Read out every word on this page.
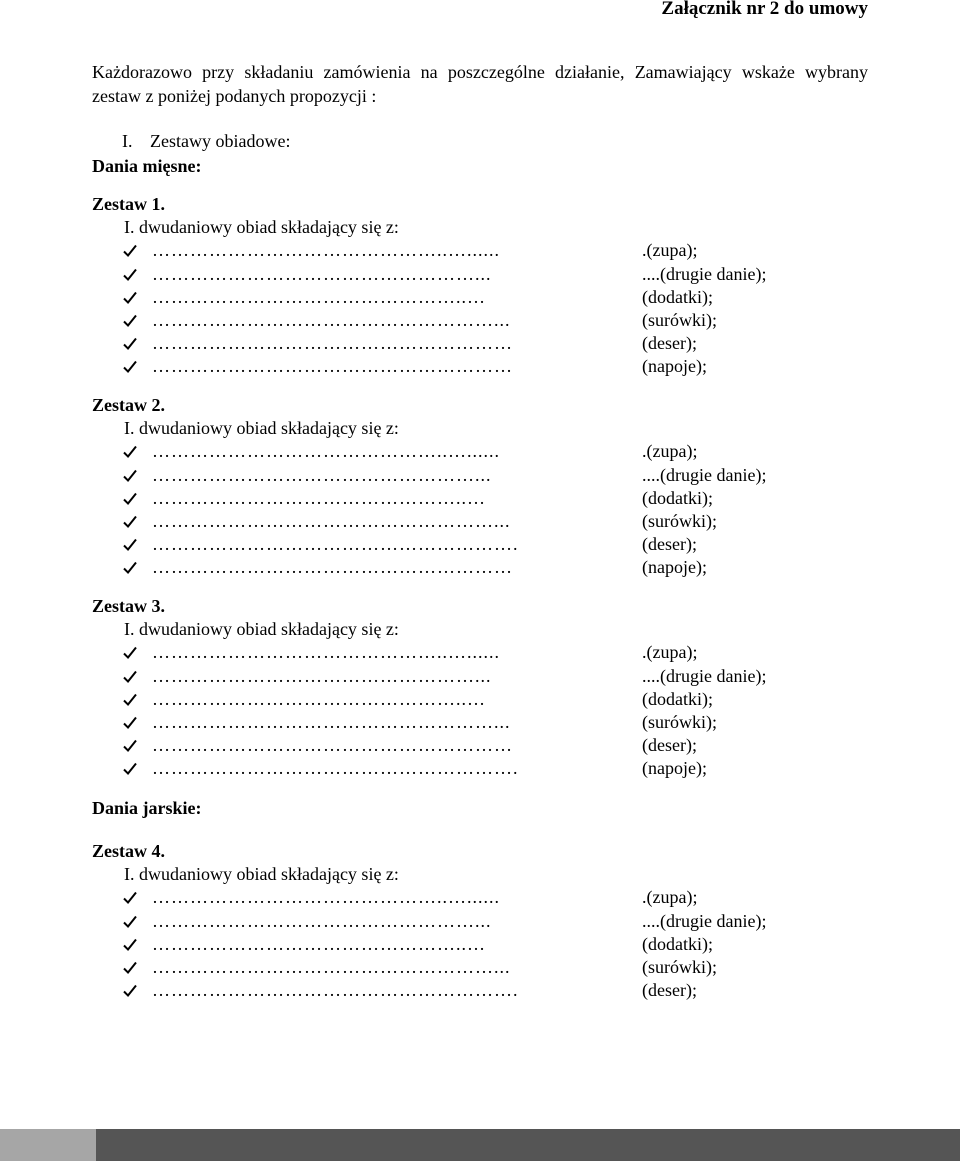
Załącznik nr 2 do umowy
Każdorazowo przy składaniu zamówienia na poszczególne działanie, Zamawiający wskaże wybrany zestaw z poniżej podanych propozycji :
I. Zestawy obiadowe:
Dania mięsne:
Zestaw 1.
I. dwudaniowy obiad składający się z:
………………………………………..…......	.(zupa);
……………………………………………...	....(drugie danie);
…………………………………………..…	(dodatki);
………………………………………………...	(surówki);
…………………………………………………	(deser);
…………………………………………………	(napoje);
Zestaw 2.
I. dwudaniowy obiad składający się z:
………………………………………..…......	.(zupa);
……………………………………………...	....(drugie danie);
…………………………………………..…	(dodatki);
………………………………………………...	(surówki);
………………………………………………….	(deser);
…………………………………………………	(napoje);
Zestaw 3.
I. dwudaniowy obiad składający się z:
………………………………………..…......	.(zupa);
……………………………………………...	....(drugie danie);
…………………………………………..…	(dodatki);
………………………………………………...	(surówki);
…………………………………………………	(deser);
………………………………………………….	(napoje);
Dania jarskie:
Zestaw 4.
I. dwudaniowy obiad składający się z:
………………………………………..…......	.(zupa);
……………………………………………...	....(drugie danie);
…………………………………………..…	(dodatki);
………………………………………………...	(surówki);
………………………………………………….	(deser);
